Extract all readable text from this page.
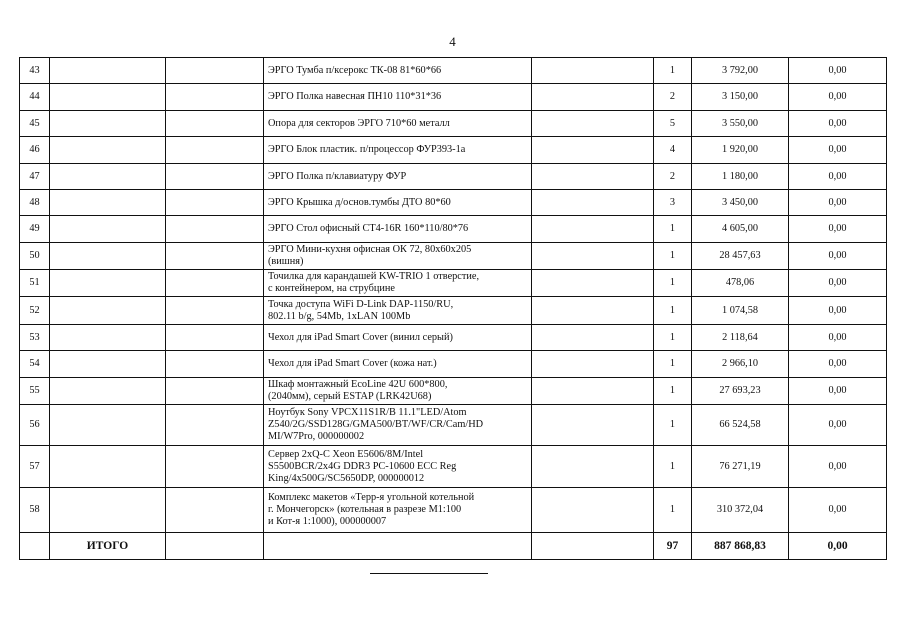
4
43			ЭРГО Тумба п/ксерокс ТК-08 81*60*66		1	3 792,00	0,00
44			ЭРГО Полка навесная ПН10 110*31*36		2	3 150,00	0,00
45			Опора для секторов ЭРГО 710*60 металл		5	3 550,00	0,00
46			ЭРГО Блок пластик. п/процессор ФУР393-1а		4	1 920,00	0,00
47			ЭРГО Полка п/клавиатуру ФУР		2	1 180,00	0,00
48			ЭРГО Крышка д/основ.тумбы ДТО 80*60		3	3 450,00	0,00
49			ЭРГО Стол офисный СТ4-16R 160*110/80*76		1	4 605,00	0,00
50			ЭРГО Мини-кухня офисная ОК 72, 80х60х205
(вишня)		1	28 457,63	0,00
51			Точилка для карандашей KW-TRIO 1 отверстие,
с контейнером, на струбцине		1	478,06	0,00
52			Точка доступа WiFi D-Link DAP-1150/RU,
802.11 b/g, 54Mb, 1xLAN 100Mb		1	1 074,58	0,00
53			Чехол для iPad Smart Cover (винил серый)		1	2 118,64	0,00
54			Чехол для iPad Smart Cover (кожа нат.)		1	2 966,10	0,00
55			Шкаф монтажный EcoLine 42U 600*800,
(2040мм), серый ESTAP (LRK42U68)		1	27 693,23	0,00
56			Ноутбук Sony VPCX11S1R/B 11.1"LED/Atom
Z540/2G/SSD128G/GMA500/BT/WF/CR/Cam/HD
MI/W7Pro, 000000002		1	66 524,58	0,00
57			Сервер 2xQ-C Xeon E5606/8M/Intel
S5500BCR/2x4G DDR3 PC-10600 ECC Reg
King/4x500G/SC5650DP, 000000012		1	76 271,19	0,00
58			Комплекс макетов «Терр-я угольной котельной
г. Мончегорск» (котельная в разрезе М1:100
и Кот-я 1:1000), 000000007		1	310 372,04	0,00
	ИТОГО				97	887 868,83	0,00
